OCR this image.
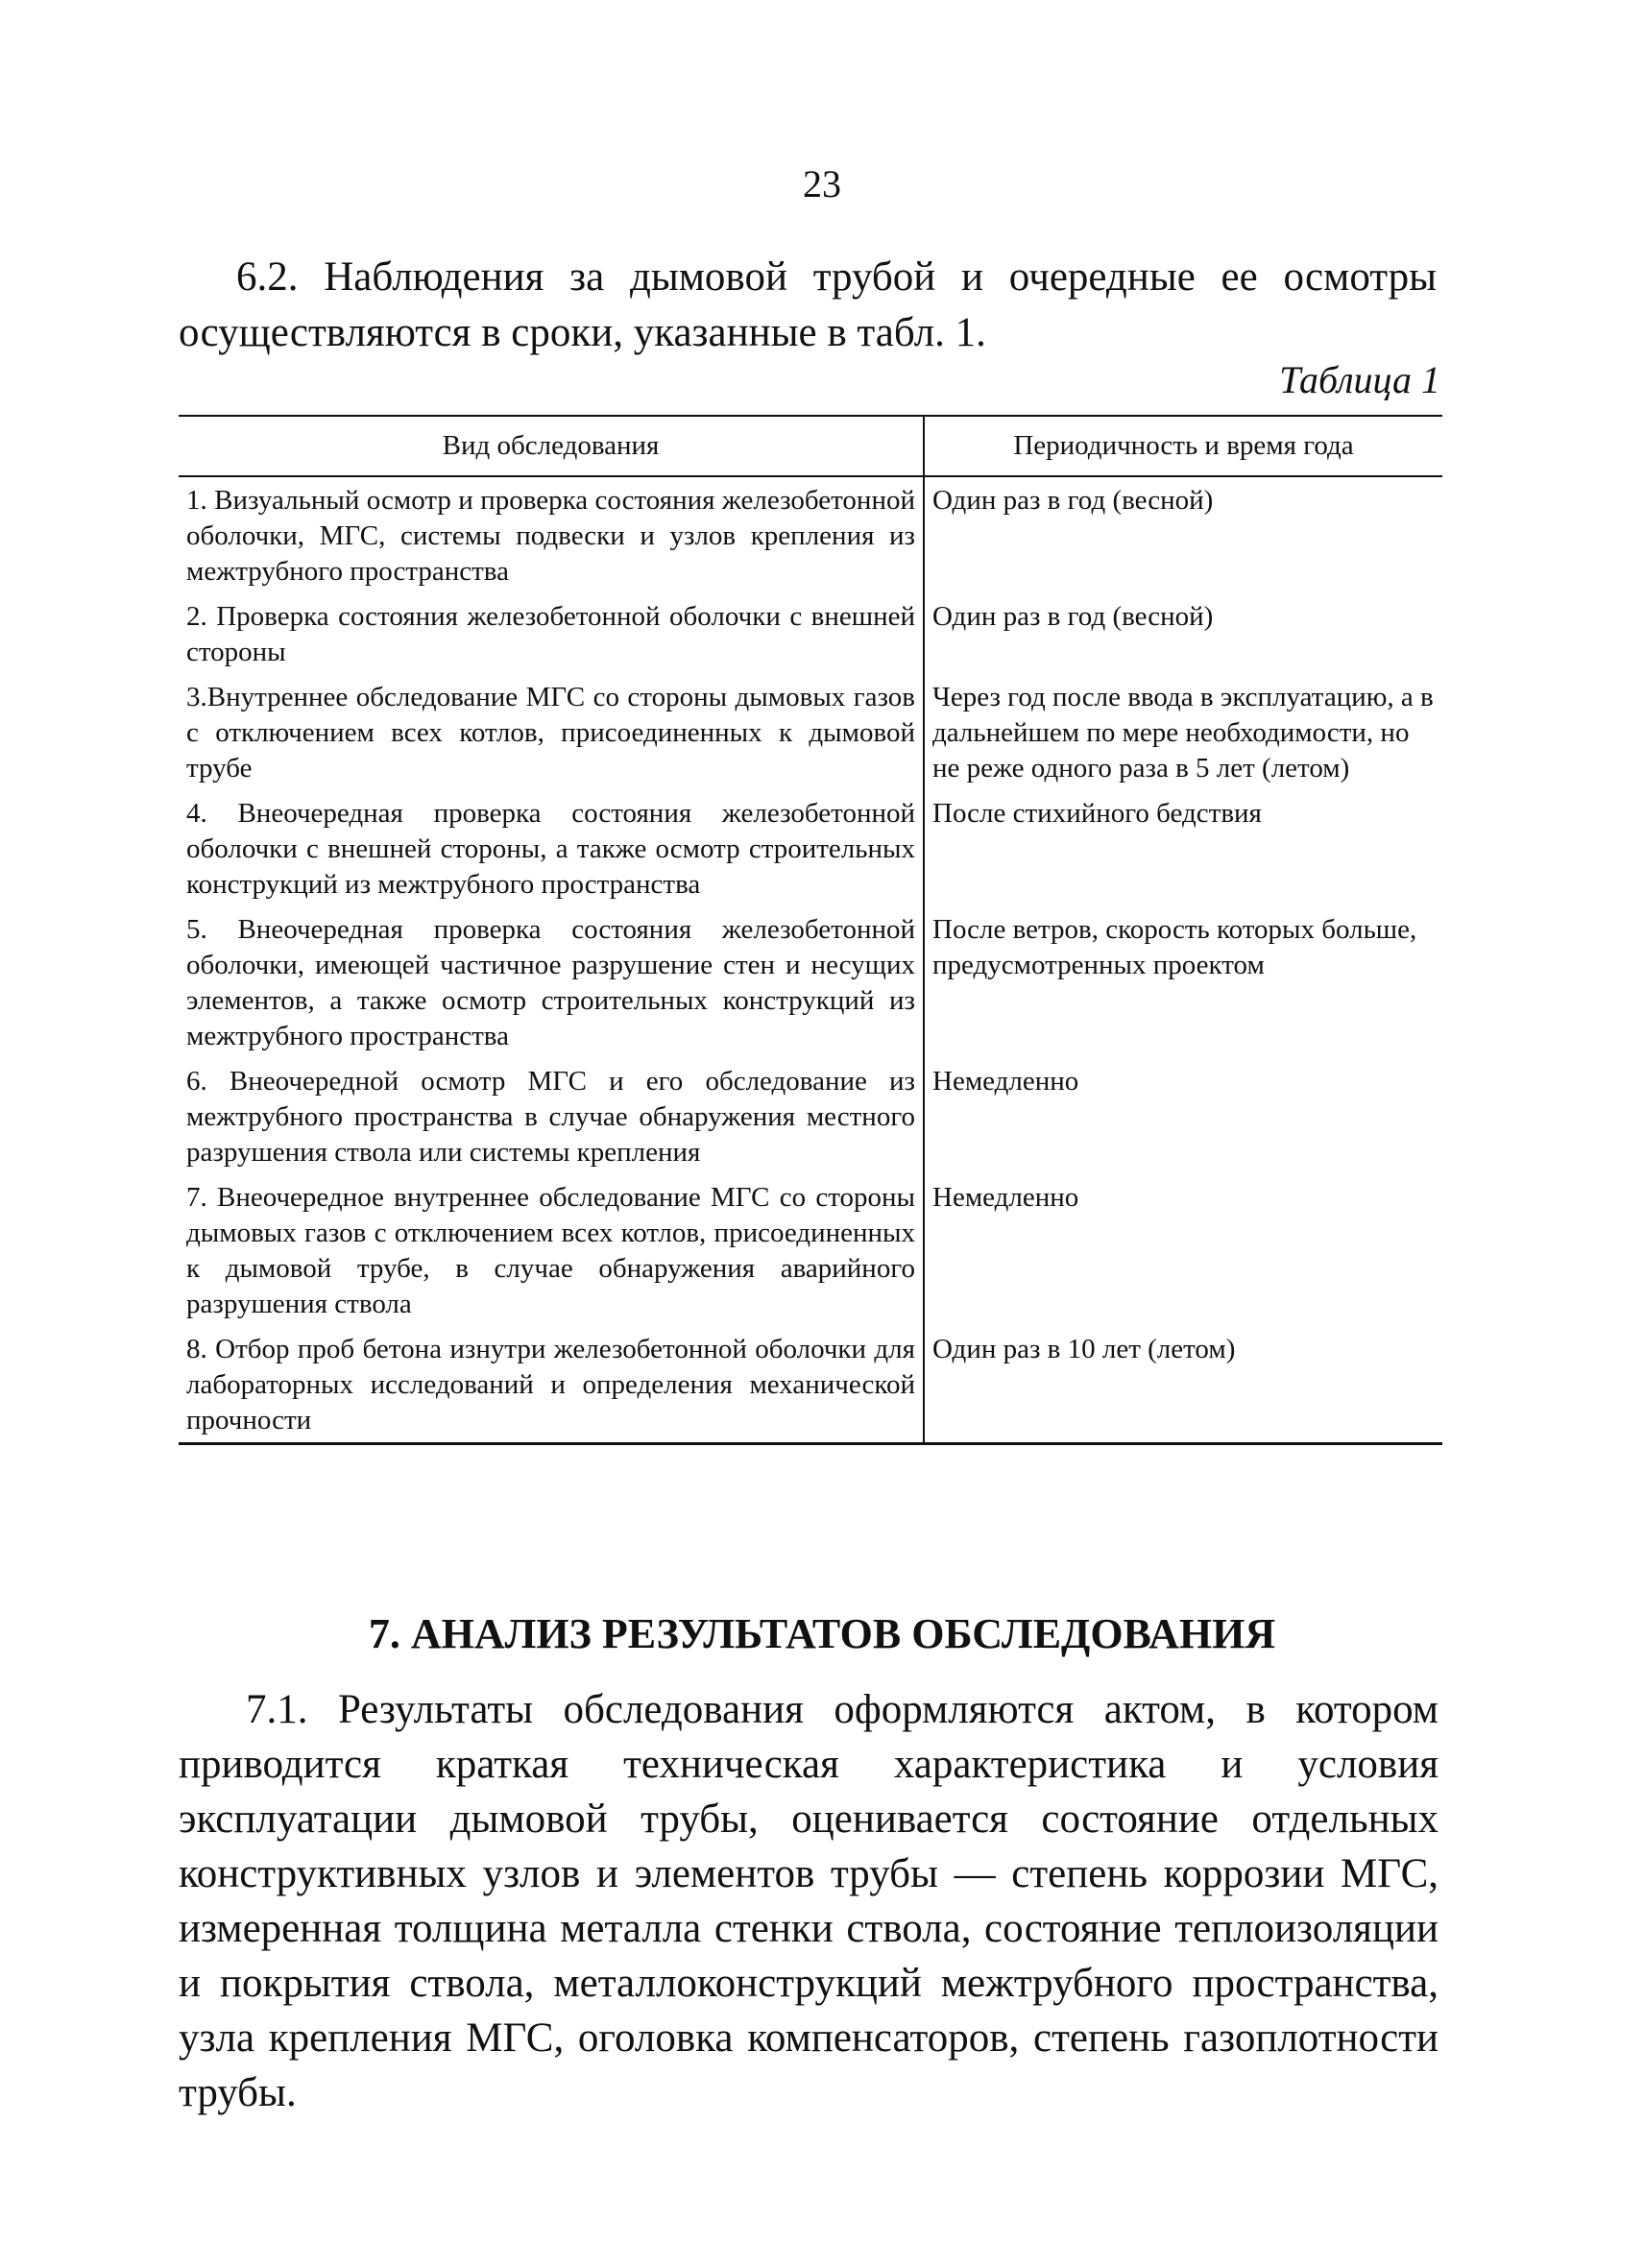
23

6.2. Наблюдения за дымовой трубой и очередные ее осмотры осуществляются в сроки, указанные в табл. 1.

Таблица 1
Вид обследования	Периодичность и время года
1. Визуальный осмотр и проверка состояния железобетонной оболочки, МГС, системы подвески и узлов крепления из межтрубного пространства	Один раз в год (весной)
2. Проверка состояния железобетонной оболочки с внешней стороны	Один раз в год (весной)
3.Внутреннее обследование МГС со стороны дымовых газов с отключением всех котлов, присоединенных к дымовой трубе	Через год после ввода в эксплуатацию, а в дальнейшем по мере необходимости, но не реже одного раза в 5 лет (летом)
4. Внеочередная проверка состояния железобетонной оболочки с внешней стороны, а также осмотр строительных конструкций из межтрубного пространства	После стихийного бедствия
5. Внеочередная проверка состояния железобетонной оболочки, имеющей частичное разрушение стен и несущих элементов, а также осмотр строительных конструкций из межтрубного пространства	После ветров, скорость которых больше, предусмотренных проектом
6. Внеочередной осмотр МГС и его обследование из межтрубного пространства в случае обнаружения местного разрушения ствола или системы крепления	Немедленно
7. Внеочередное внутреннее обследование МГС со стороны дымовых газов с отключением всех котлов, присоединенных к дымовой трубе, в случае обнаружения аварийного разрушения ствола	Немедленно
8. Отбор проб бетона изнутри железобетонной оболочки для лабораторных исследований и определения механической прочности	Один раз в 10 лет (летом)
7. АНАЛИЗ РЕЗУЛЬТАТОВ ОБСЛЕДОВАНИЯ

7.1. Результаты обследования оформляются актом, в котором приводится краткая техническая характеристика и условия эксплуатации дымовой трубы, оценивается состояние отдельных конструктивных узлов и элементов трубы — степень коррозии МГС, измеренная толщина металла стенки ствола, состояние теплоизоляции и покрытия ствола, металлоконструкций межтрубного пространства, узла крепления МГС, оголовка компенсаторов, степень газоплотности трубы.
